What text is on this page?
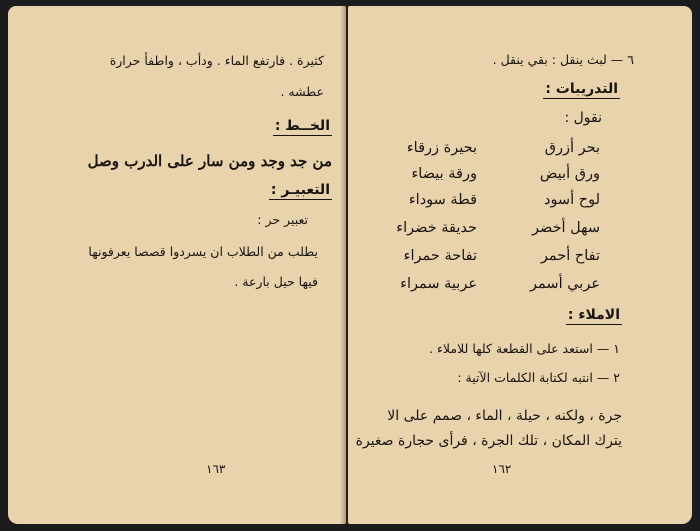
كثيرة . فارتفع الماء . ودأب ، واطفأ حرارة
عطشه .
الخــط :
من جد وجد ومن سار على الدرب وصل
التعبيـر :
تعبير حر :
يطلب من الطلاب ان يسردوا قصصا يعرفونها
فيها حيل بارعة .
١٦٣
٦ — لبث ينقل : بقي ينقل .
التدريبات :
نقول :
بحر أزرق
بحيرة زرقاء
ورق أبيض
ورقة بيضاء
لوح أسود
قطة سوداء
سهل أخضر
حديقة خضراء
تفاح أحمر
تفاحة حمراء
عربي أسمر
عربية سمراء
الاملاء :
١ — استعد على القطعة كلها للاملاء .
٢ — انتبه لكتابة الكلمات الآتية :
جرة ، ولكنه ، حيلة ، الماء ، صمم على الا
يترك المكان ، تلك الجرة ، فرأى حجارة صغيرة
١٦٢
